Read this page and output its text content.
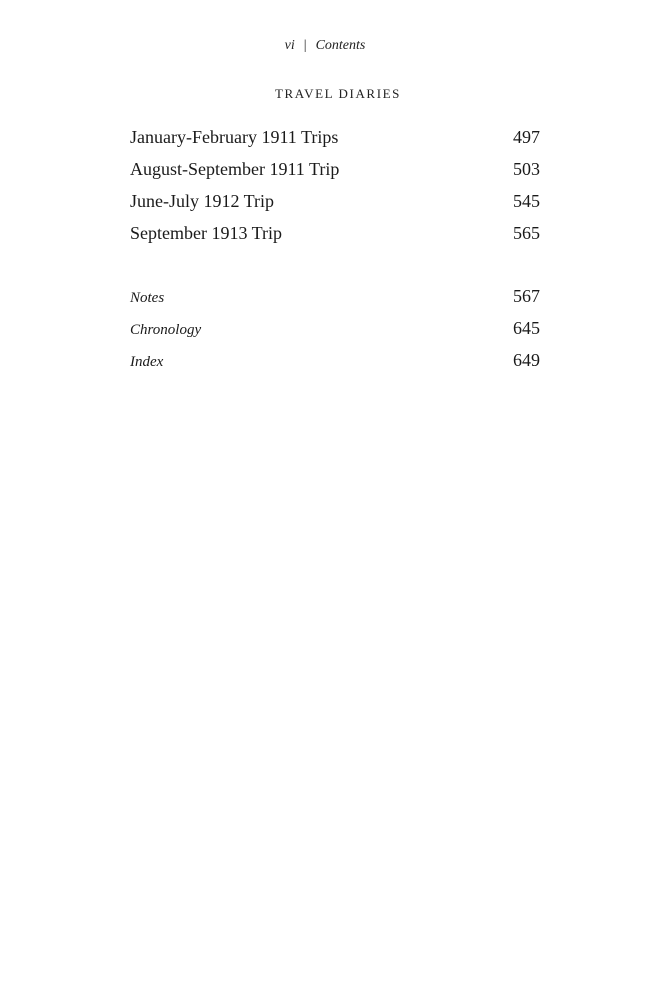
vi | Contents
TRAVEL DIARIES
January-February 1911 Trips	497
August-September 1911 Trip	503
June-July 1912 Trip	545
September 1913 Trip	565
Notes	567
Chronology	645
Index	649
